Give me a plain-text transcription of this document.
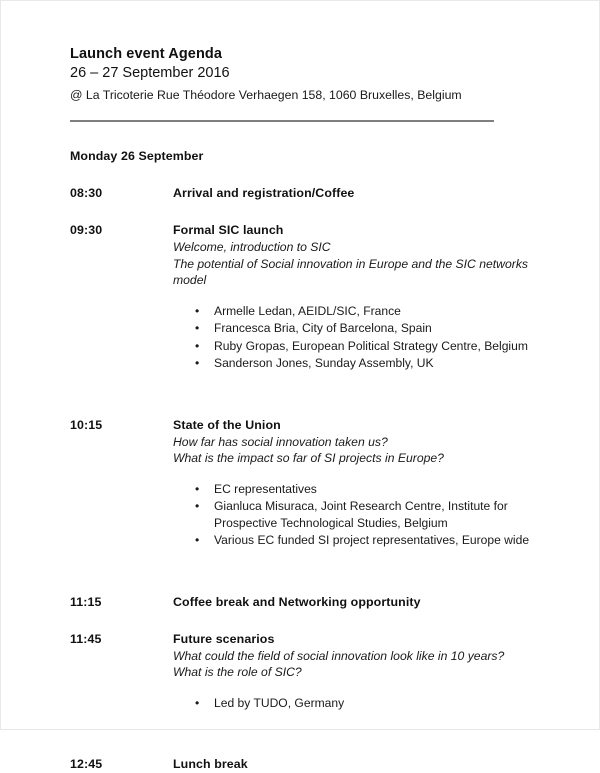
Launch event Agenda
26 – 27 September 2016
@ La Tricoterie Rue Théodore Verhaegen 158, 1060 Bruxelles, Belgium
Monday 26 September
08:30	Arrival and registration/Coffee
09:30	Formal SIC launch
Welcome, introduction to SIC
The potential of Social innovation in Europe and the SIC networks model
• Armelle Ledan, AEIDL/SIC, France
• Francesca Bria, City of Barcelona, Spain
• Ruby Gropas, European Political Strategy Centre, Belgium
• Sanderson Jones, Sunday Assembly, UK
10:15	State of the Union
How far has social innovation taken us?
What is the impact so far of SI projects in Europe?
• EC representatives
• Gianluca Misuraca, Joint Research Centre, Institute for Prospective Technological Studies, Belgium
• Various EC funded SI project representatives, Europe wide
11:15	Coffee break and Networking opportunity
11:45	Future scenarios
What could the field of social innovation look like in 10 years?
What is the role of SIC?
• Led by TUDO, Germany
12:45	Lunch break
